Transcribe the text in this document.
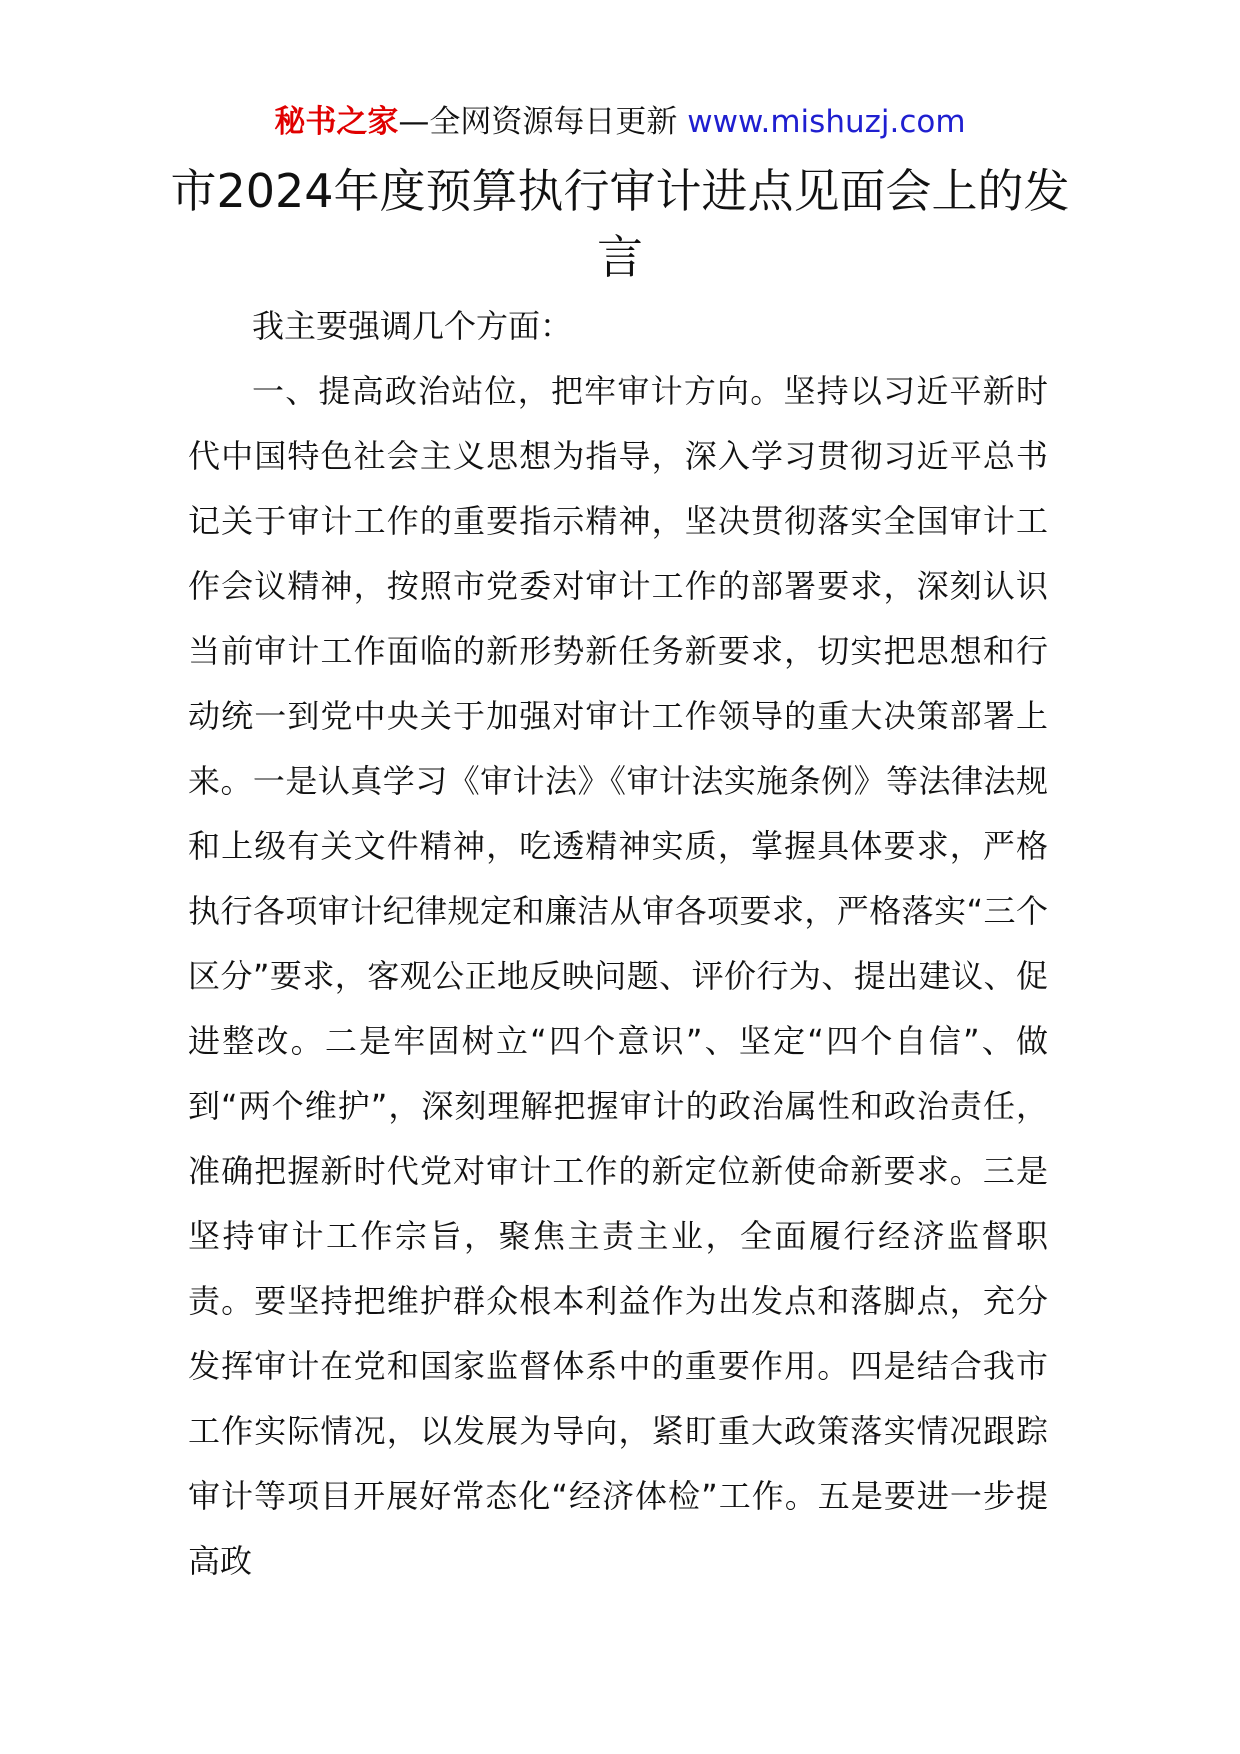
秘书之家—全网资源每日更新 www.mishuzj.com
市2024年度预算执行审计进点见面会上的发言

我主要强调几个方面：

一、提高政治站位，把牢审计方向。坚持以习近平新时代中国特色社会主义思想为指导，深入学习贯彻习近平总书记关于审计工作的重要指示精神，坚决贯彻落实全国审计工作会议精神，按照市党委对审计工作的部署要求，深刻认识当前审计工作面临的新形势新任务新要求，切实把思想和行动统一到党中央关于加强对审计工作领导的重大决策部署上来。一是认真学习《审计法》《审计法实施条例》等法律法规和上级有关文件精神，吃透精神实质，掌握具体要求，严格执行各项审计纪律规定和廉洁从审各项要求，严格落实“三个区分”要求，客观公正地反映问题、评价行为、提出建议、促进整改。二是牢固树立“四个意识”、坚定“四个自信”、做到“两个维护”，深刻理解把握审计的政治属性和政治责任，准确把握新时代党对审计工作的新定位新使命新要求。三是坚持审计工作宗旨，聚焦主责主业，全面履行经济监督职责。要坚持把维护群众根本利益作为出发点和落脚点，充分发挥审计在党和国家监督体系中的重要作用。四是结合我市工作实际情况，以发展为导向，紧盯重大政策落实情况跟踪审计等项目开展好常态化“经济体检”工作。五是要进一步提高政
